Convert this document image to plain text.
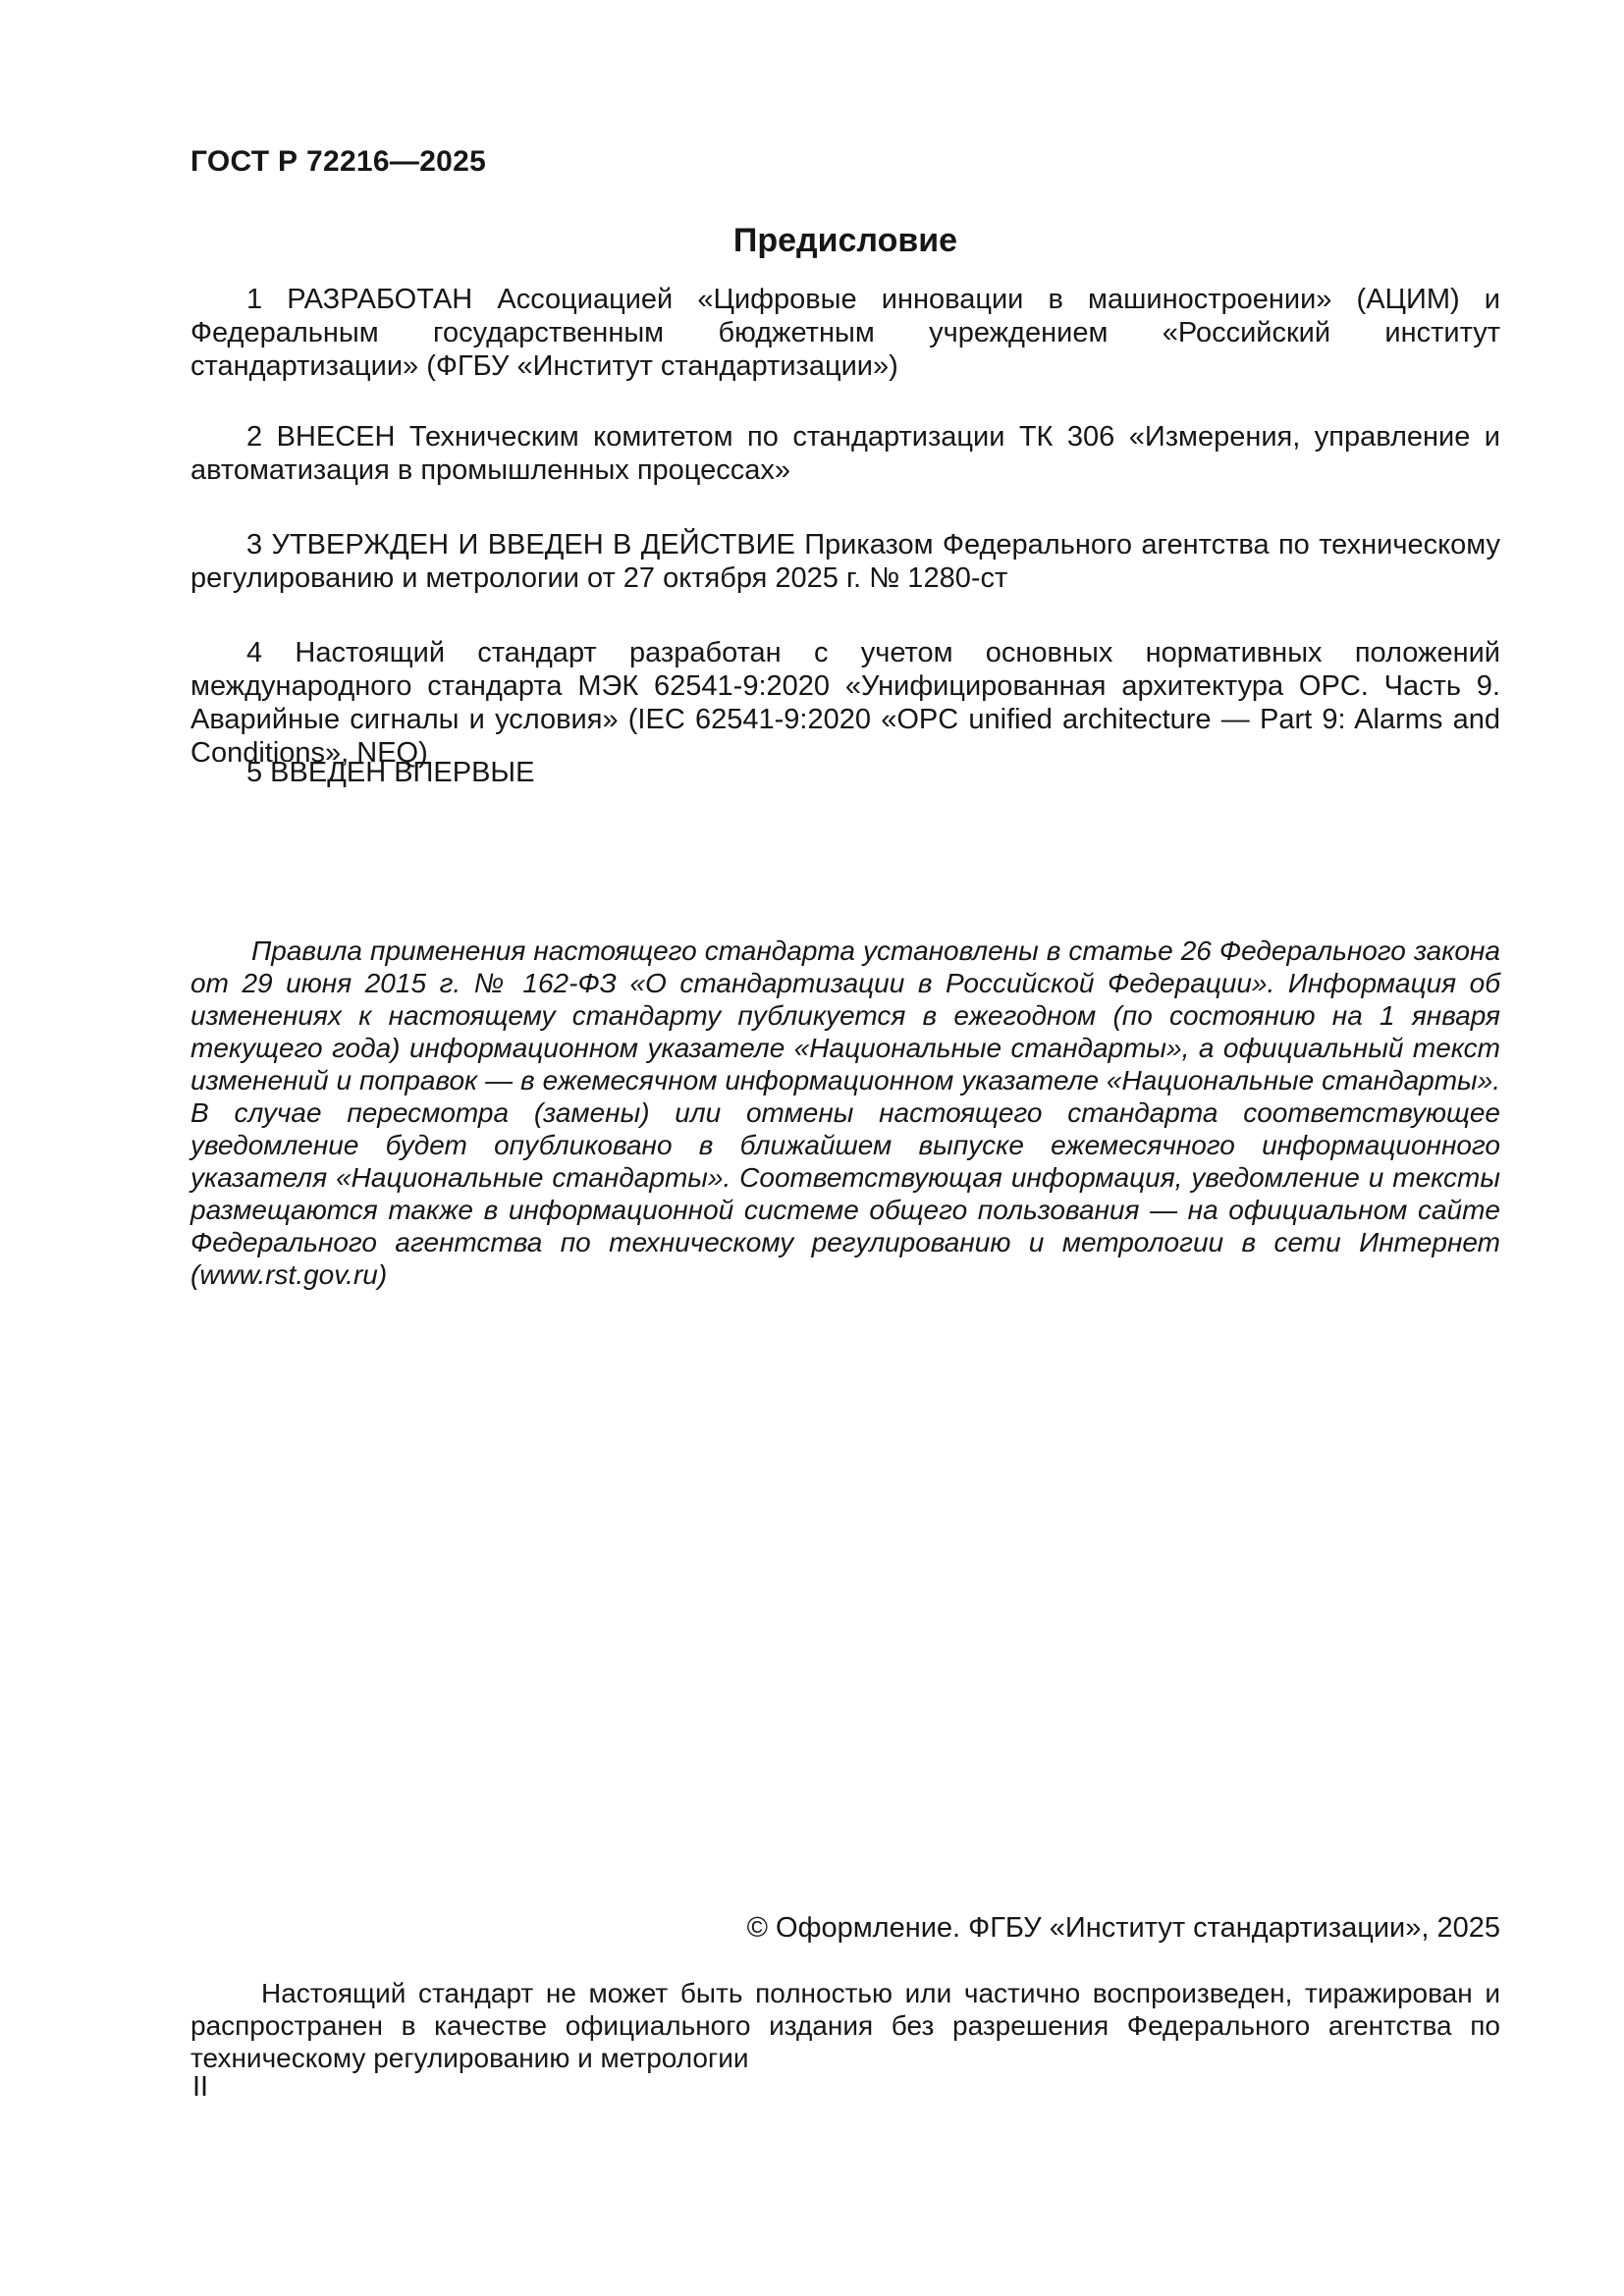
ГОСТ Р 72216—2025
Предисловие

1 РАЗРАБОТАН Ассоциацией «Цифровые инновации в машиностроении» (АЦИМ) и Федеральным государственным бюджетным учреждением «Российский институт стандартизации» (ФГБУ «Институт стандартизации»)

2 ВНЕСЕН Техническим комитетом по стандартизации ТК 306 «Измерения, управление и автоматизация в промышленных процессах»

3 УТВЕРЖДЕН И ВВЕДЕН В ДЕЙСТВИЕ Приказом Федерального агентства по техническому регулированию и метрологии от 27 октября 2025 г. № 1280-ст

4 Настоящий стандарт разработан с учетом основных нормативных положений международного стандарта МЭК 62541-9:2020 «Унифицированная архитектура OPC. Часть 9. Аварийные сигналы и условия» (IEC 62541-9:2020 «OPC unified architecture — Part 9: Alarms and Conditions», NEQ)

5 ВВЕДЕН ВПЕРВЫЕ

Правила применения настоящего стандарта установлены в статье 26 Федерального закона от 29 июня 2015 г. № 162-ФЗ «О стандартизации в Российской Федерации». Информация об изменениях к настоящему стандарту публикуется в ежегодном (по состоянию на 1 января текущего года) информационном указателе «Национальные стандарты», а официальный текст изменений и поправок — в ежемесячном информационном указателе «Национальные стандарты». В случае пересмотра (замены) или отмены настоящего стандарта соответствующее уведомление будет опубликовано в ближайшем выпуске ежемесячного информационного указателя «Национальные стандарты». Соответствующая информация, уведомление и тексты размещаются также в информационной системе общего пользования — на официальном сайте Федерального агентства по техническому регулированию и метрологии в сети Интернет (www.rst.gov.ru)

© Оформление. ФГБУ «Институт стандартизации», 2025

Настоящий стандарт не может быть полностью или частично воспроизведен, тиражирован и распространен в качестве официального издания без разрешения Федерального агентства по техническому регулированию и метрологии

II
